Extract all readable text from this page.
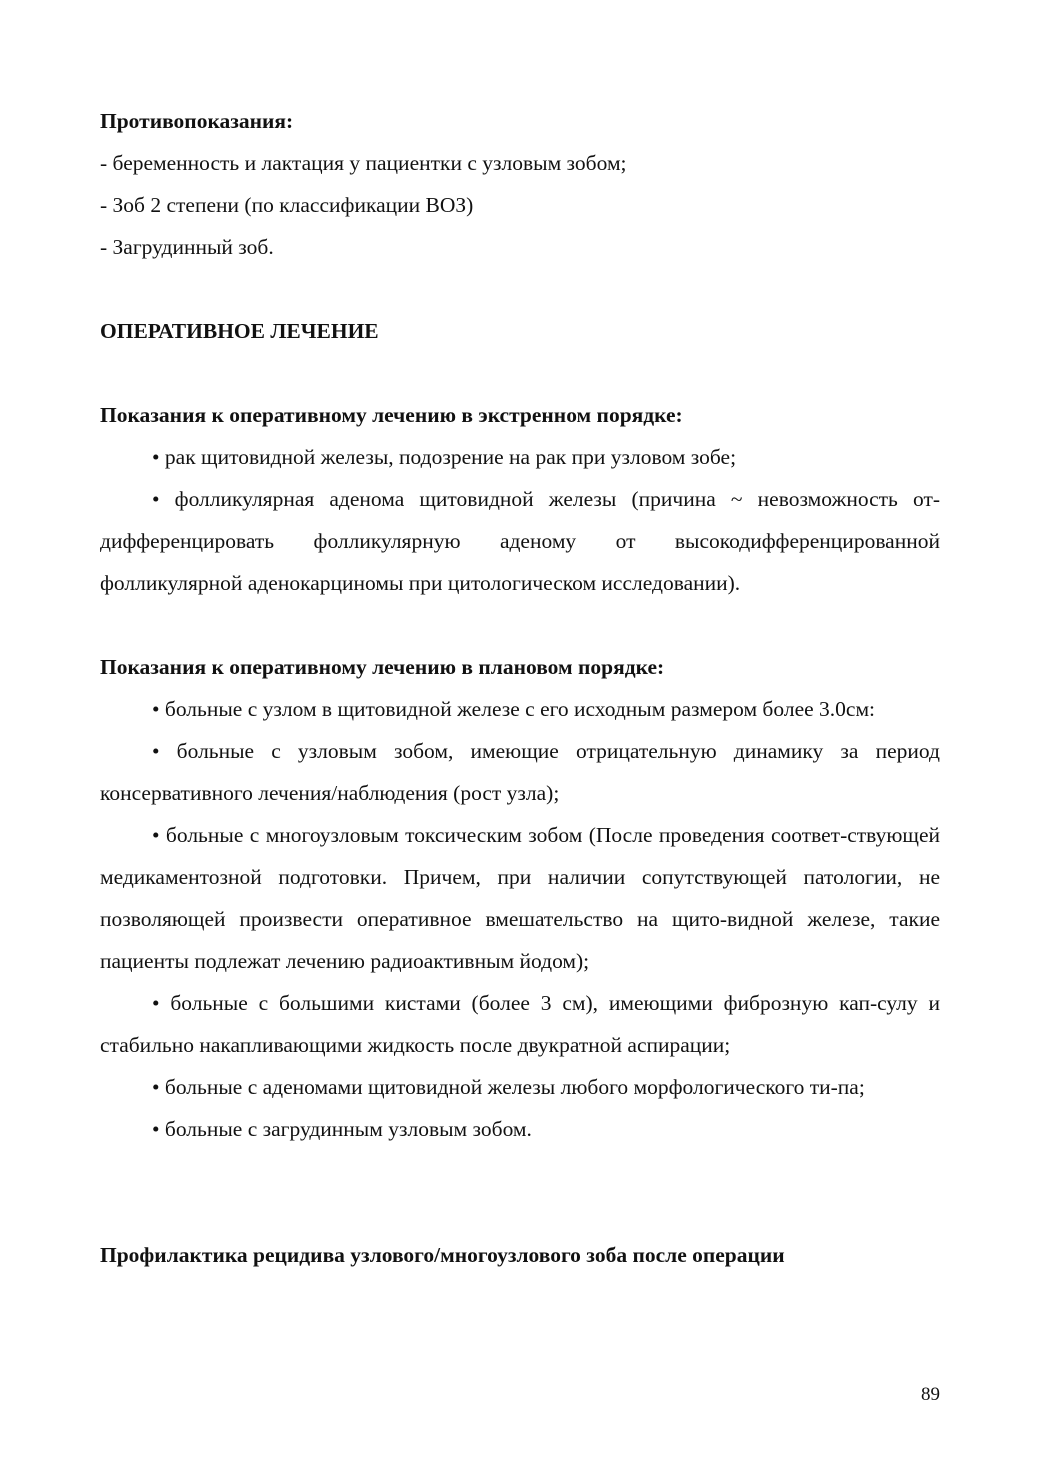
Противопоказания:

- беременность и лактация у пациентки с узловым зобом;

- Зоб 2 степени (по классификации ВОЗ)

- Загрудинный зоб.

ОПЕРАТИВНОЕ ЛЕЧЕНИЕ

Показания к оперативному лечению в экстренном порядке:

• рак щитовидной железы, подозрение на рак при узловом зобе;

• фолликулярная аденома щитовидной железы (причина ~ невозможность от-дифференцировать фолликулярную аденому от высокодифференцированной фолликулярной аденокарциномы при цитологическом исследовании).

Показания к оперативному лечению в плановом порядке:

• больные с узлом в щитовидной железе с его исходным размером более 3.0см:

• больные с узловым зобом, имеющие отрицательную динамику за период консервативного лечения/наблюдения (рост узла);

• больные с многоузловым токсическим зобом (После проведения соответ-ствующей медикаментозной подготовки. Причем, при наличии сопутствующей патологии, не позволяющей произвести оперативное вмешательство на щито-видной железе, такие пациенты подлежат лечению радиоактивным йодом);

• больные с большими кистами (более 3 см), имеющими фиброзную кап-сулу и стабильно накапливающими жидкость после двукратной аспирации;

• больные с аденомами щитовидной железы любого морфологического ти-па;

• больные с загрудинным узловым зобом.

Профилактика рецидива узлового/многоузлового зоба после операции

89
